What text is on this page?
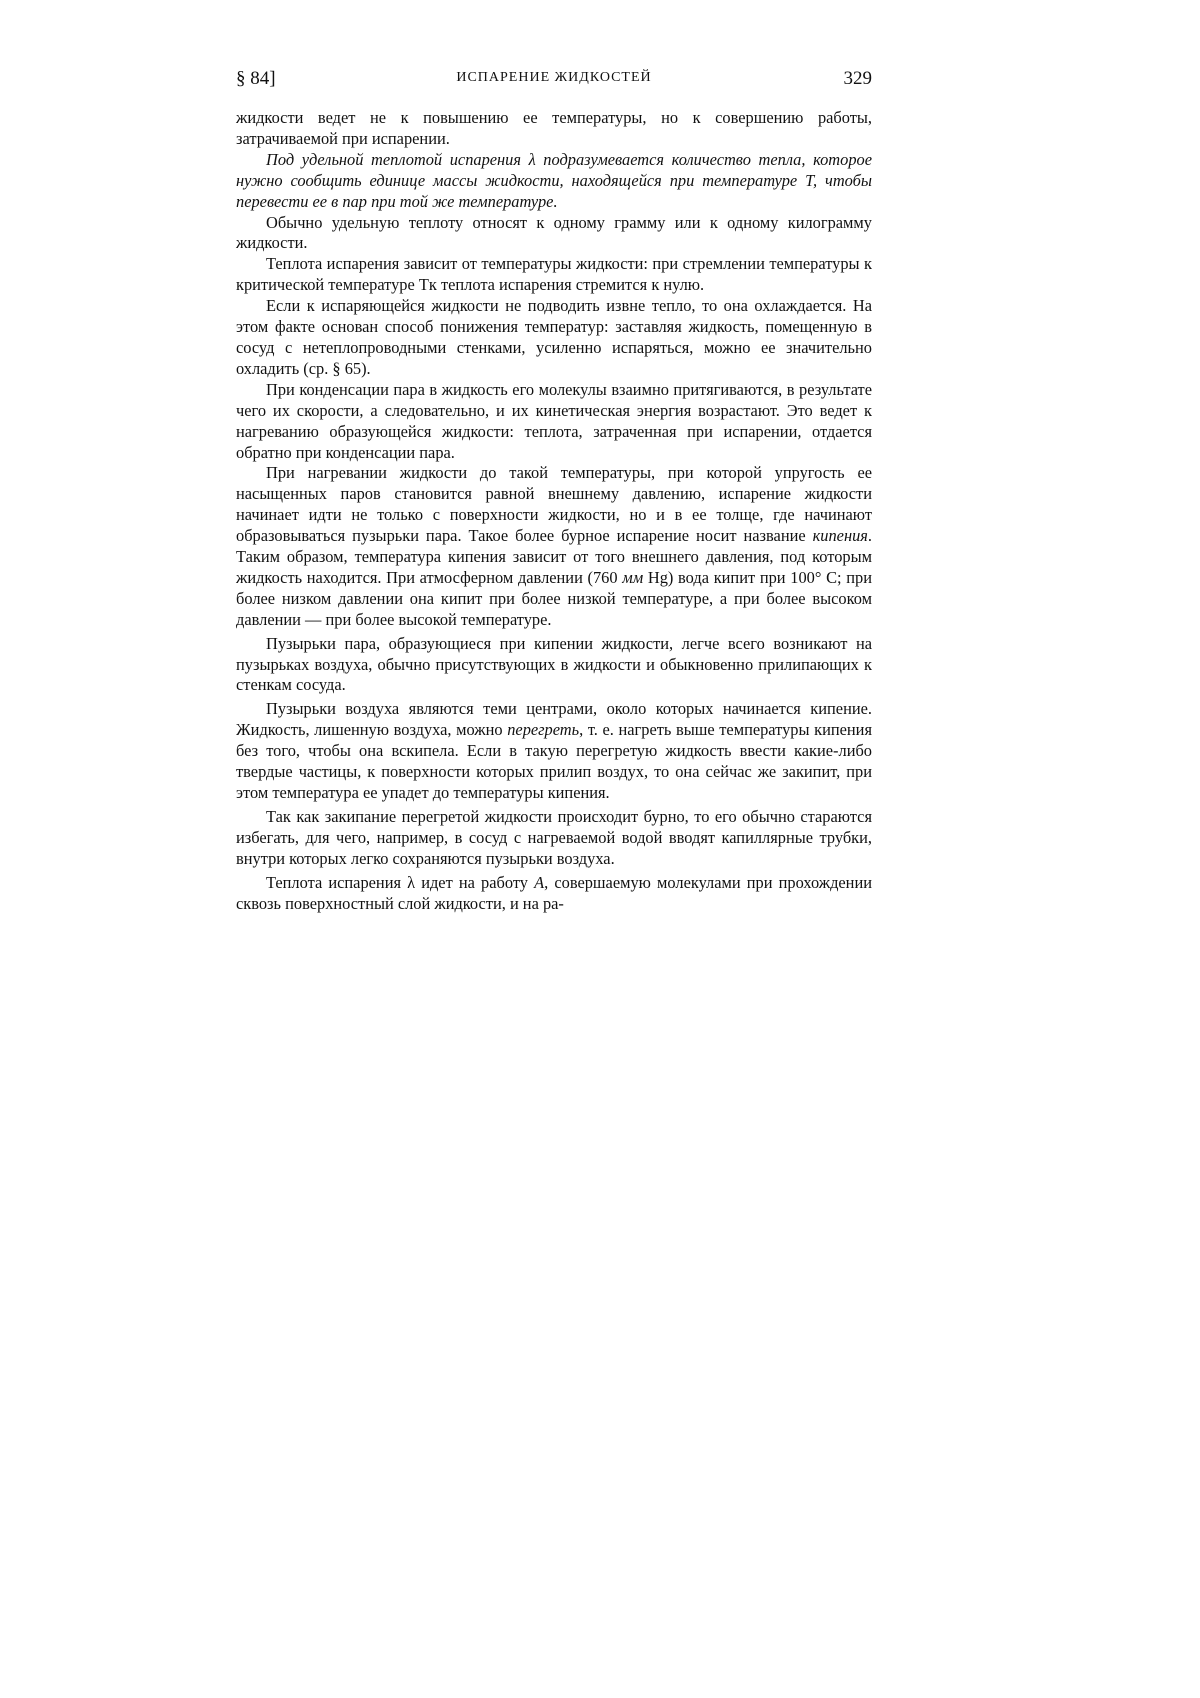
§ 84]	ИСПАРЕНИЕ ЖИДКОСТЕЙ	329

жидкости ведет не к повышению ее температуры, но к совершению работы, затрачиваемой при испарении.

Под удельной теплотой испарения λ подразумевается количество тепла, которое нужно сообщить единице массы жидкости, находящейся при температуре T, чтобы перевести ее в пар при той же температуре.

Обычно удельную теплоту относят к одному грамму или к одному килограмму жидкости.

Теплота испарения зависит от температуры жидкости: при стремлении температуры к критической температуре Tк теплота испарения стремится к нулю.

Если к испаряющейся жидкости не подводить извне тепло, то она охлаждается. На этом факте основан способ понижения температур: заставляя жидкость, помещенную в сосуд с нетеплопроводными стенками, усиленно испаряться, можно ее значительно охладить (ср. § 65).

При конденсации пара в жидкость его молекулы взаимно притягиваются, в результате чего их скорости, а следовательно, и их кинетическая энергия возрастают. Это ведет к нагреванию образующейся жидкости: теплота, затраченная при испарении, отдается обратно при конденсации пара.

При нагревании жидкости до такой температуры, при которой упругость ее насыщенных паров становится равной внешнему давлению, испарение жидкости начинает идти не только с поверхности жидкости, но и в ее толще, где начинают образовываться пузырьки пара. Такое более бурное испарение носит название кипения. Таким образом, температура кипения зависит от того внешнего давления, под которым жидкость находится. При атмосферном давлении (760 мм Hg) вода кипит при 100° C; при более низком давлении она кипит при более низкой температуре, а при более высоком давлении — при более высокой температуре.

Пузырьки пара, образующиеся при кипении жидкости, легче всего возникают на пузырьках воздуха, обычно присутствующих в жидкости и обыкновенно прилипающих к стенкам сосуда.

Пузырьки воздуха являются теми центрами, около которых начинается кипение. Жидкость, лишенную воздуха, можно перегреть, т. е. нагреть выше температуры кипения без того, чтобы она вскипела. Если в такую перегретую жидкость ввести какие-либо твердые частицы, к поверхности которых прилип воздух, то она сейчас же закипит, при этом температура ее упадет до температуры кипения.

Так как закипание перегретой жидкости происходит бурно, то его обычно стараются избегать, для чего, например, в сосуд с нагреваемой водой вводят капиллярные трубки, внутри которых легко сохраняются пузырьки воздуха.

Теплота испарения λ идет на работу A, совершаемую молекулами при прохождении сквозь поверхностный слой жидкости, и на ра-
